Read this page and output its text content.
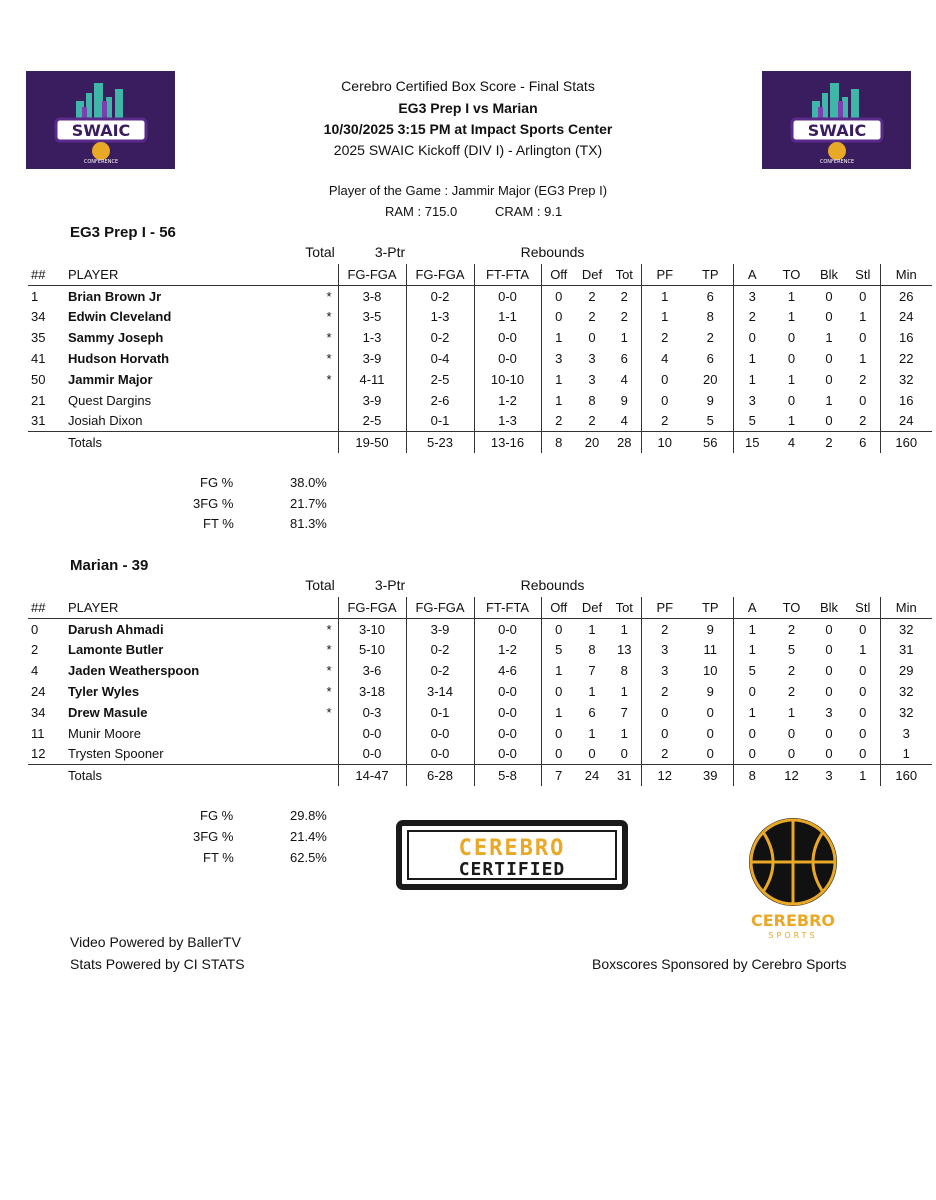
SWAIC
CONFERENCE
SWAIC
CONFERENCE
Cerebro Certified Box Score - Final Stats
EG3 Prep I vs Marian
10/30/2025 3:15 PM at Impact Sports Center
2025 SWAIC Kickoff (DIV I) - Arlington (TX)
Player of the Game : Jammir Major (EG3 Prep I)
RAM : 715.0	CRAM : 9.1
EG3 Prep I - 56
Total	3-Ptr	Rebounds
##	PLAYER		FG-FGA	FG-FGA	FT-FTA	Off	Def	Tot	PF	TP	A	TO	Blk	Stl	Min
1	Brian Brown Jr	*	3-8	0-2	0-0	0	2	2	1	6	3	1	0	0	26
34	Edwin Cleveland	*	3-5	1-3	1-1	0	2	2	1	8	2	1	0	1	24
35	Sammy Joseph	*	1-3	0-2	0-0	1	0	1	2	2	0	0	1	0	16
41	Hudson Horvath	*	3-9	0-4	0-0	3	3	6	4	6	1	0	0	1	22
50	Jammir Major	*	4-11	2-5	10-10	1	3	4	0	20	1	1	0	2	32
21	Quest Dargins		3-9	2-6	1-2	1	8	9	0	9	3	0	1	0	16
31	Josiah Dixon		2-5	0-1	1-3	2	2	4	2	5	5	1	0	2	24
	Totals		19-50	5-23	13-16	8	20	28	10	56	15	4	2	6	160
FG %	38.0%
3FG %	21.7%
FT %	81.3%
Marian - 39
Total	3-Ptr	Rebounds
##	PLAYER		FG-FGA	FG-FGA	FT-FTA	Off	Def	Tot	PF	TP	A	TO	Blk	Stl	Min
0	Darush Ahmadi	*	3-10	3-9	0-0	0	1	1	2	9	1	2	0	0	32
2	Lamonte Butler	*	5-10	0-2	1-2	5	8	13	3	11	1	5	0	1	31
4	Jaden Weatherspoon	*	3-6	0-2	4-6	1	7	8	3	10	5	2	0	0	29
24	Tyler Wyles	*	3-18	3-14	0-0	0	1	1	2	9	0	2	0	0	32
34	Drew Masule	*	0-3	0-1	0-0	1	6	7	0	0	1	1	3	0	32
11	Munir Moore		0-0	0-0	0-0	0	1	1	0	0	0	0	0	0	3
12	Trysten Spooner		0-0	0-0	0-0	0	0	0	2	0	0	0	0	0	1
	Totals		14-47	6-28	5-8	7	24	31	12	39	8	12	3	1	160
FG %	29.8%
3FG %	21.4%
FT %	62.5%	CEREBRO
CERTIFIED
CEREBRO
SPORTS
Video Powered by BallerTV
Stats Powered by CI STATS	Boxscores Sponsored by Cerebro Sports
